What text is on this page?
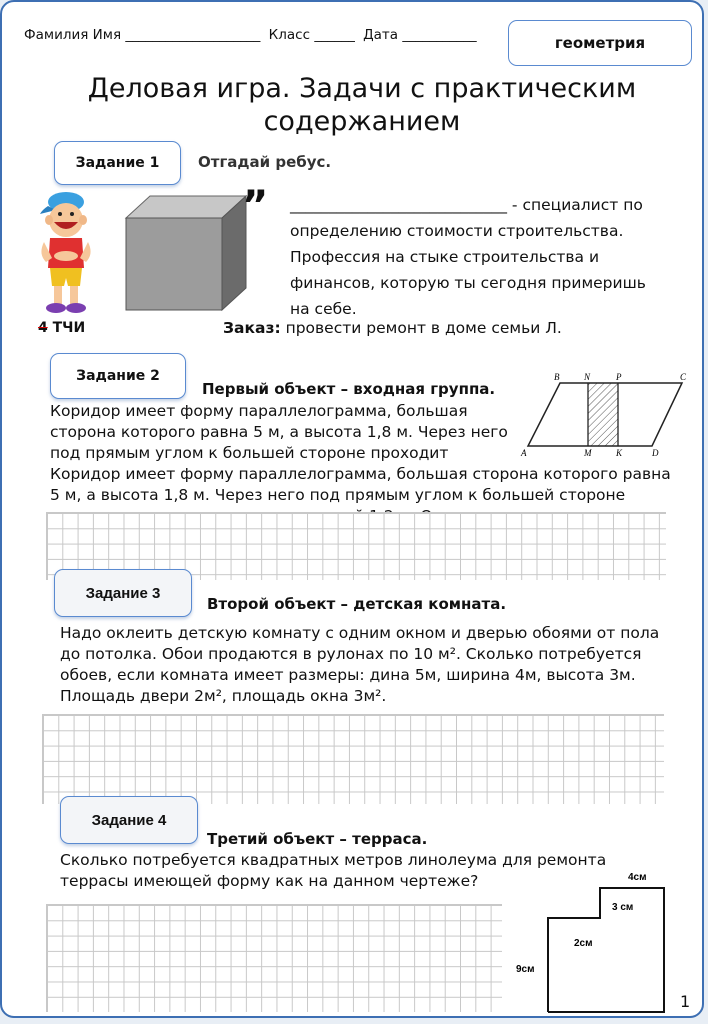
Фамилия Имя ____________________ Класс ______ Дата ___________	геометрия
Деловая игра. Задачи с практическим содержанием
Задание 1	Отгадай ребус.
”
4 ТЧИ
____________________________ - специалист по определению стоимости строительства. Профессия на стыке строительства и финансов, которую ты сегодня примеришь на себе.
Заказ: провести ремонт в доме семьи Л.
Задание 2
Первый объект – входная группа.
Коридор имеет форму параллелограмма, большая сторона которого равна 5 м, а высота 1,8 м. Через него под прямым углом к большей стороне проходит
Коридор имеет форму параллелограмма, большая сторона которого равна 5 м, а высота 1,8 м. Через него под прямым углом к большей стороне
B	N	P	C
A	M	K	D
Задание 3
Второй объект – детская комната.
Надо оклеить детскую комнату с одним окном и дверью обоями от пола до потолка. Обои продаются в рулонах по 10 м². Сколько потребуется обоев, если комната имеет размеры: дина 5м, ширина 4м, высота 3м. Площадь двери 2м², площадь окна 3м².
Задание 4
Третий объект – терраса.
Сколько потребуется квадратных метров линолеума для ремонта террасы имеющей форму как на данном чертеже?	4см
3 см
2см
9см
1
